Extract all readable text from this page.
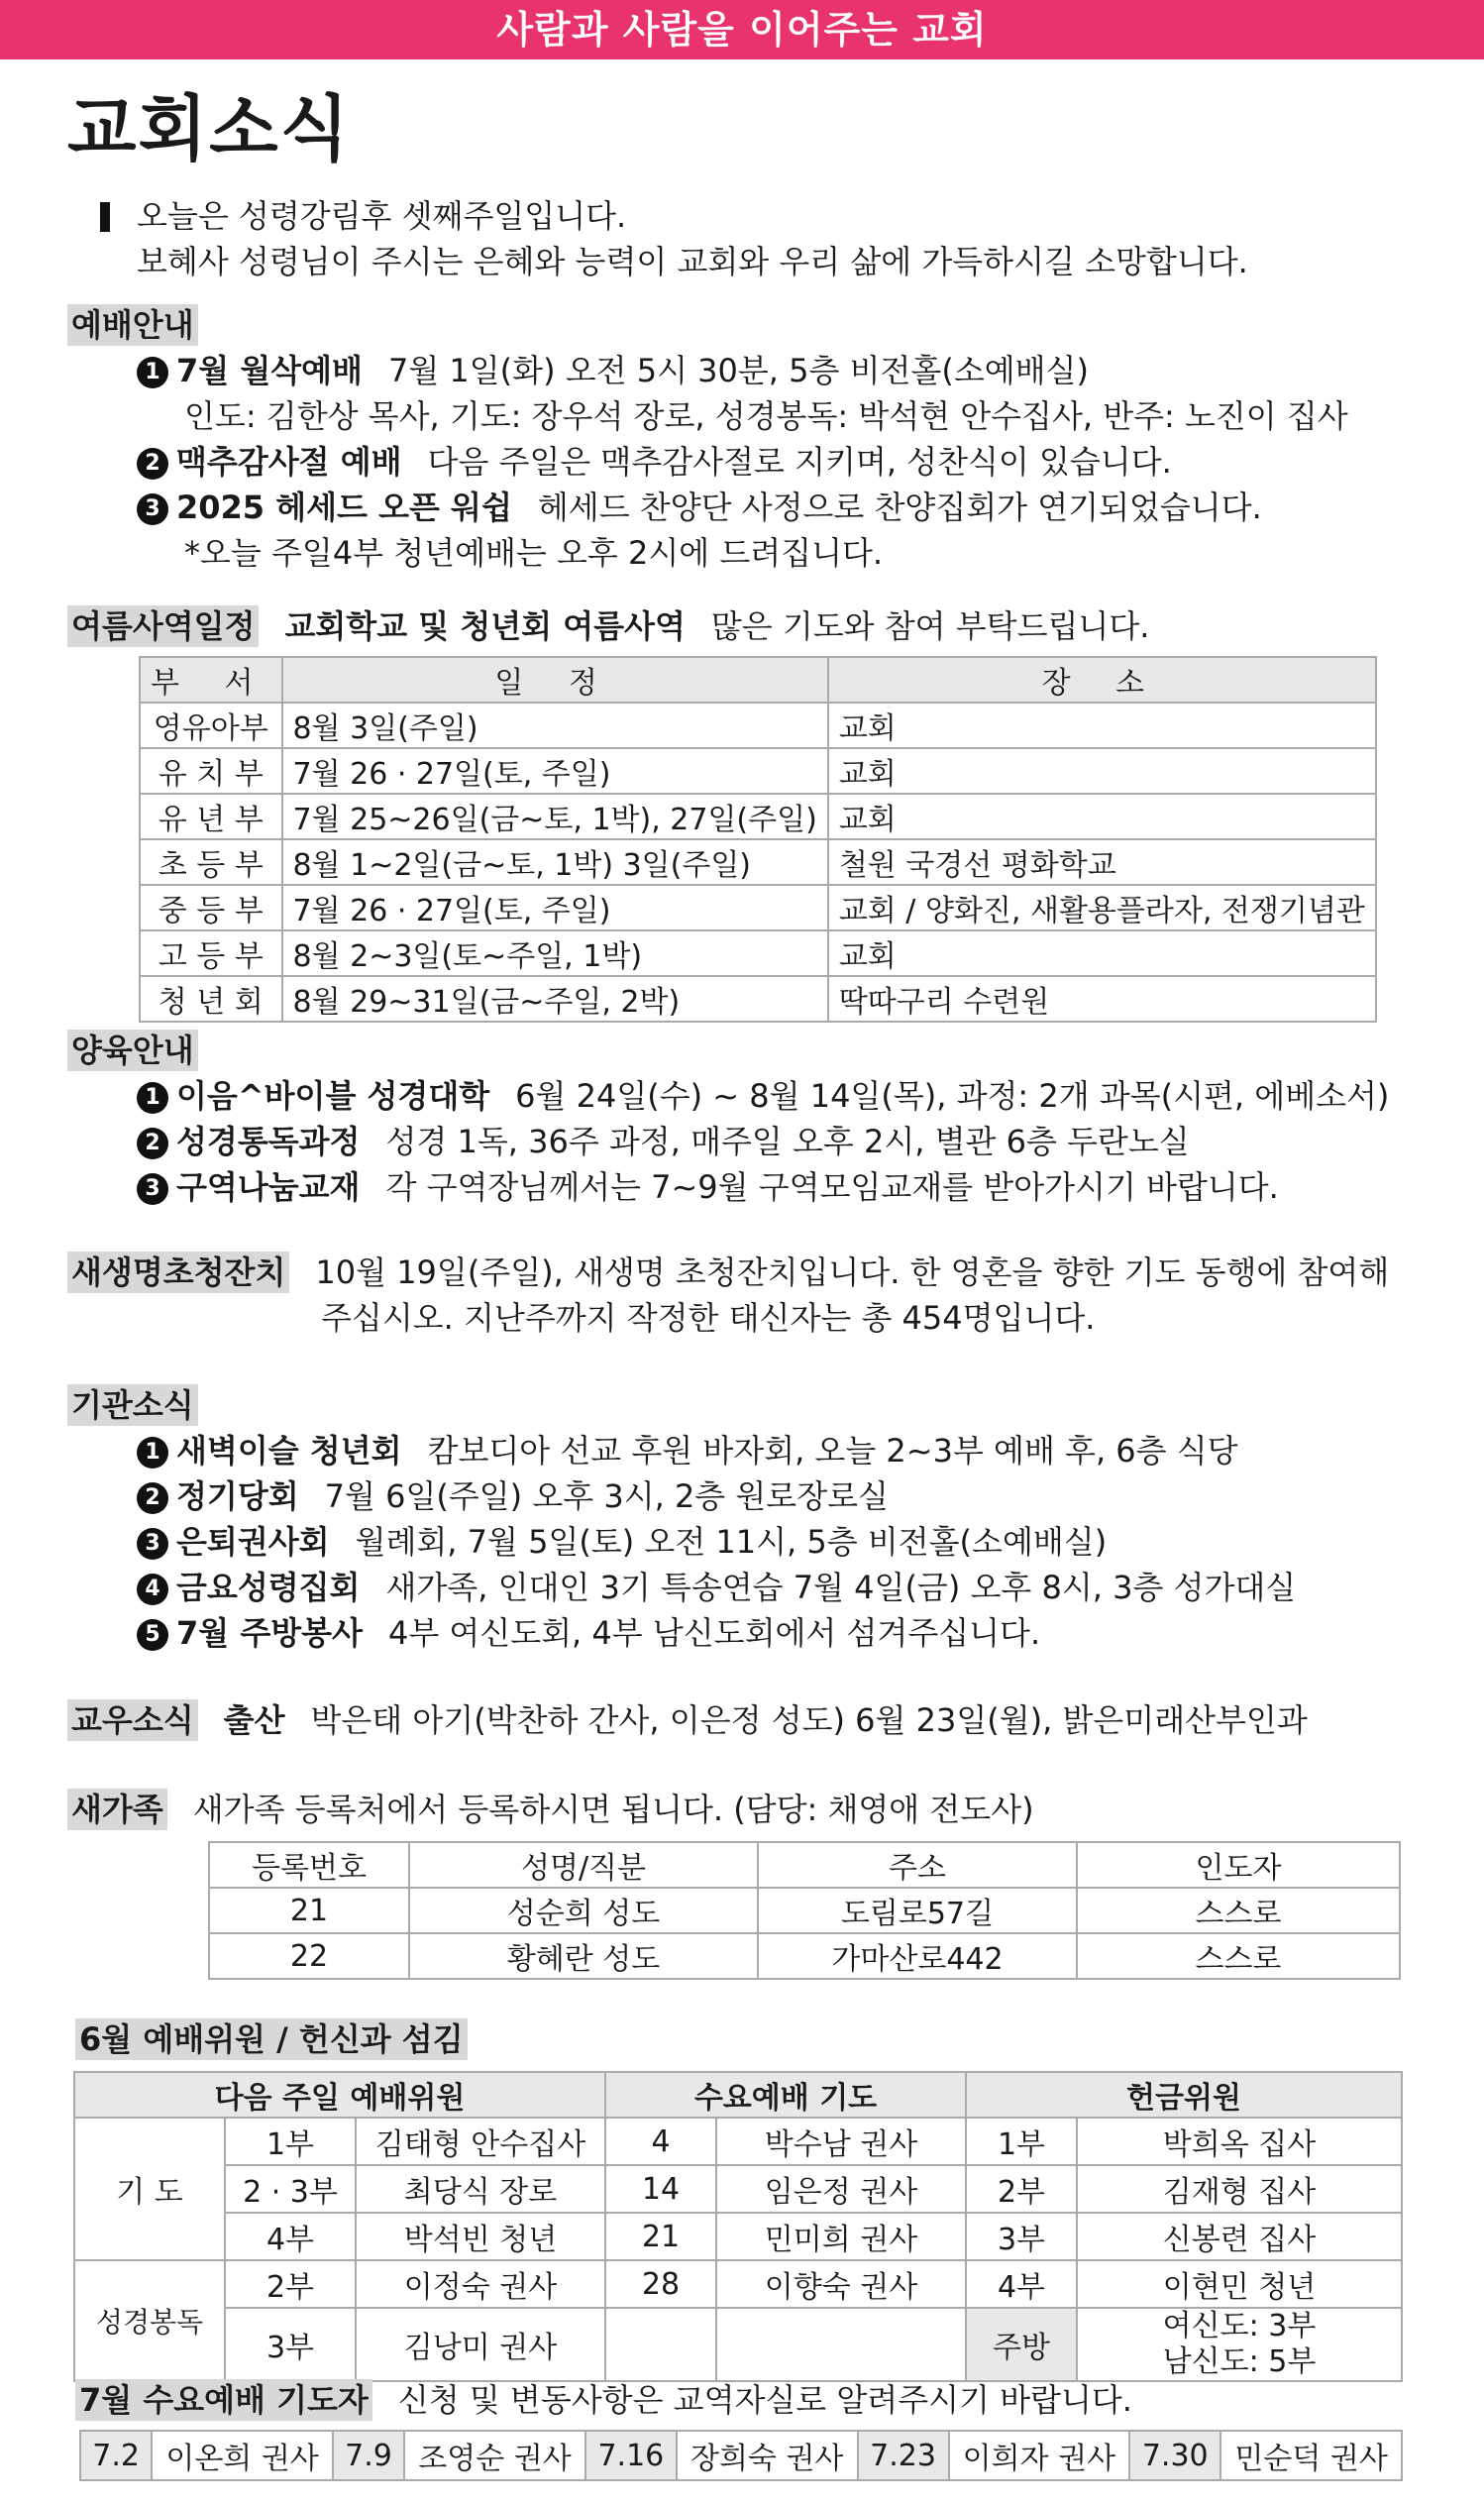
사람과 사람을 이어주는 교회
교회소식
오늘은 성령강림후 셋째주일입니다.
보혜사 성령님이 주시는 은혜와 능력이 교회와 우리 삶에 가득하시길 소망합니다.
예배안내
1 7월 월삭예배 7월 1일(화) 오전 5시 30분, 5층 비전홀(소예배실)
인도: 김한상 목사, 기도: 장우석 장로, 성경봉독: 박석현 안수집사, 반주: 노진이 집사
2 맥추감사절 예배 다음 주일은 맥추감사절로 지키며, 성찬식이 있습니다.
3 2025 헤세드 오픈 워쉽 헤세드 찬양단 사정으로 찬양집회가 연기되었습니다.
*오늘 주일4부 청년예배는 오후 2시에 드려집니다.
여름사역일정 교회학교 및 청년회 여름사역 많은 기도와 참여 부탁드립니다.
부 서	일 정	장 소
영유아부	8월 3일(주일)	교회
유 치 부	7월 26 · 27일(토, 주일)	교회
유 년 부	7월 25~26일(금~토, 1박), 27일(주일)	교회
초 등 부	8월 1~2일(금~토, 1박) 3일(주일)	철원 국경선 평화학교
중 등 부	7월 26 · 27일(토, 주일)	교회 / 양화진, 새활용플라자, 전쟁기념관
고 등 부	8월 2~3일(토~주일, 1박)	교회
청 년 회	8월 29~31일(금~주일, 2박)	딱따구리 수련원
양육안내
1 이음^바이블 성경대학 6월 24일(수) ~ 8월 14일(목), 과정: 2개 과목(시편, 에베소서)
2 성경통독과정 성경 1독, 36주 과정, 매주일 오후 2시, 별관 6층 두란노실
3 구역나눔교재 각 구역장님께서는 7~9월 구역모임교재를 받아가시기 바랍니다.
새생명초청잔치 10월 19일(주일), 새생명 초청잔치입니다. 한 영혼을 향한 기도 동행에 참여해
주십시오. 지난주까지 작정한 태신자는 총 454명입니다.
기관소식
1 새벽이슬 청년회 캄보디아 선교 후원 바자회, 오늘 2~3부 예배 후, 6층 식당
2 정기당회 7월 6일(주일) 오후 3시, 2층 원로장로실
3 은퇴권사회 월례회, 7월 5일(토) 오전 11시, 5층 비전홀(소예배실)
4 금요성령집회 새가족, 인대인 3기 특송연습 7월 4일(금) 오후 8시, 3층 성가대실
5 7월 주방봉사 4부 여신도회, 4부 남신도회에서 섬겨주십니다.
교우소식 출산 박은태 아기(박찬하 간사, 이은정 성도) 6월 23일(월), 밝은미래산부인과
새가족 새가족 등록처에서 등록하시면 됩니다. (담당: 채영애 전도사)
등록번호	성명/직분	주소	인도자
21	성순희 성도	도림로57길	스스로
22	황혜란 성도	가마산로442	스스로
6월 예배위원 / 헌신과 섬김
다음 주일 예배위원			수요예배 기도		헌금위원	
기 도	1부	김태형 안수집사	4	박수남 권사	1부	박희옥 집사
	2 · 3부	최당식 장로	14	임은정 권사	2부	김재형 집사
	4부	박석빈 청년	21	민미희 권사	3부	신봉련 집사
성경봉독	2부	이정숙 권사	28	이향숙 권사	4부	이현민 청년
	3부	김낭미 권사			주방	여신도: 3부
남신도: 5부
7월 수요예배 기도자 신청 및 변동사항은 교역자실로 알려주시기 바랍니다.
7.2	이온희 권사	7.9	조영순 권사	7.16	장희숙 권사	7.23	이희자 권사	7.30	민순덕 권사
